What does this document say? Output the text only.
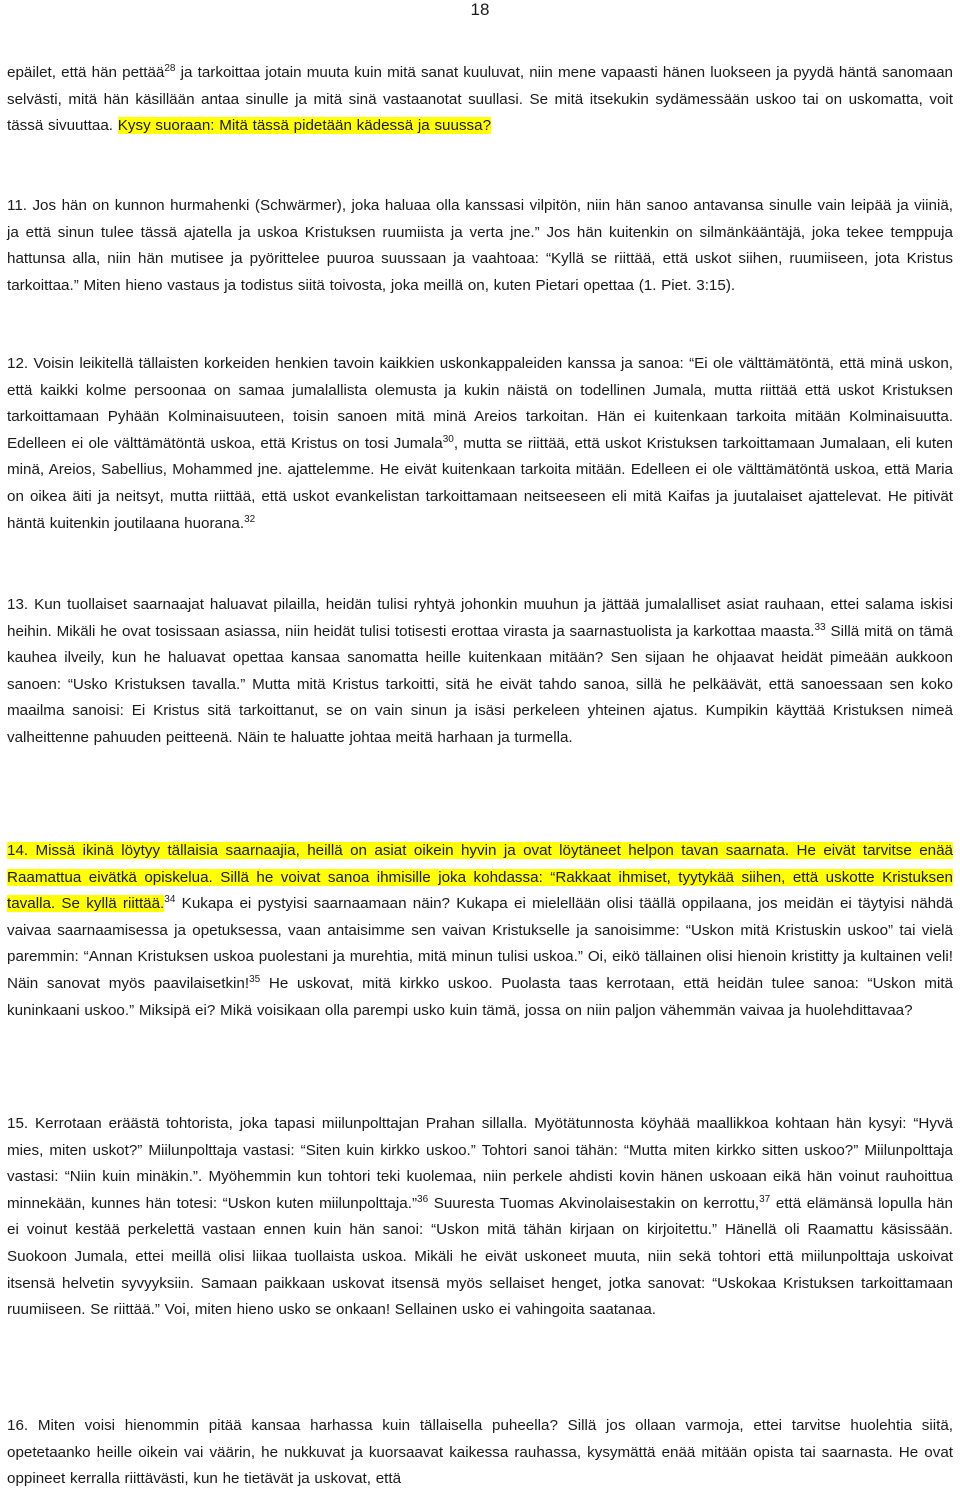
18

epäilet, että hän pettää$^{28}$ ja tarkoittaa jotain muuta kuin mitä sanat kuuluvat, niin mene vapaasti hänen luokseen ja pyydä häntä sanomaan selvästi, mitä hän käsillään antaa sinulle ja mitä sinä vastaanotat suullasi. Se mitä itsekukin sydämessään uskoo tai on uskomatta, voit tässä sivuuttaa. Kysy suoraan: Mitä tässä pidetään kädessä ja suussa?

11. Jos hän on kunnon hurmahenki (Schwärmer), joka haluaa olla kanssasi vilpitön, niin hän sanoo antavansa sinulle vain leipää ja viiniä, ja että sinun tulee tässä ajatella ja uskoa Kristuksen ruumiista ja verta jne.” Jos hän kuitenkin on silmänkääntäjä, joka tekee temppuja hattunsa alla, niin hän mutisee ja pyörittelee puuroa suussaan ja vaahtoaa: “Kyllä se riittää, että uskot siihen, ruumiiseen, jota Kristus tarkoittaa.” Miten hieno vastaus ja todistus siitä toivosta, joka meillä on, kuten Pietari opettaa (1. Piet. 3:15).

12. Voisin leikitellä tällaisten korkeiden henkien tavoin kaikkien uskonkappaleiden kanssa ja sanoa: “Ei ole välttämätöntä, että minä uskon, että kaikki kolme persoonaa on samaa jumalallista olemusta ja kukin näistä on todellinen Jumala, mutta riittää että uskot Kristuksen tarkoittamaan Pyhään Kolminaisuuteen, toisin sanoen mitä minä Areios tarkoitan. Hän ei kuitenkaan tarkoita mitään Kolminaisuutta. Edelleen ei ole välttämätöntä uskoa, että Kristus on tosi Jumala$^{30}$, mutta se riittää, että uskot Kristuksen tarkoittamaan Jumalaan, eli kuten minä, Areios, Sabellius, Mohammed jne. ajattelemme. He eivät kuitenkaan tarkoita mitään. Edelleen ei ole välttämätöntä uskoa, että Maria on oikea äiti ja neitsyt, mutta riittää, että uskot evankelistan tarkoittamaan neitseeseen eli mitä Kaifas ja juutalaiset ajattelevat. He pitivät häntä kuitenkin joutilaana huorana.$^{32}$

13. Kun tuollaiset saarnaajat haluavat pilailla, heidän tulisi ryhtyä johonkin muuhun ja jättää jumalalliset asiat rauhaan, ettei salama iskisi heihin. Mikäli he ovat tosissaan asiassa, niin heidät tulisi totisesti erottaa virasta ja saarnastuolista ja karkottaa maasta.$^{33}$ Sillä mitä on tämä kauhea ilveily, kun he haluavat opettaa kansaa sanomatta heille kuitenkaan mitään? Sen sijaan he ohjaavat heidät pimeään aukkoon sanoen: “Usko Kristuksen tavalla.” Mutta mitä Kristus tarkoitti, sitä he eivät tahdo sanoa, sillä he pelkäävät, että sanoessaan sen koko maailma sanoisi: Ei Kristus sitä tarkoittanut, se on vain sinun ja isäsi perkeleen yhteinen ajatus. Kumpikin käyttää Kristuksen nimeä valheittenne pahuuden peitteenä. Näin te haluatte johtaa meitä harhaan ja turmella.

14. Missä ikinä löytyy tällaisia saarnaajia, heillä on asiat oikein hyvin ja ovat löytäneet helpon tavan saarnata. He eivät tarvitse enää Raamattua eivätkä opiskelua. Sillä he voivat sanoa ihmisille joka kohdassa: “Rakkaat ihmiset, tyytykää siihen, että uskotte Kristuksen tavalla. Se kyllä riittää.$^{34}$ Kukapa ei pystyisi saarnaamaan näin? Kukapa ei mielellään olisi täällä oppilaana, jos meidän ei täytyisi nähdä vaivaa saarnaamisessa ja opetuksessa, vaan antaisimme sen vaivan Kristukselle ja sanoisimme: “Uskon mitä Kristuskin uskoo” tai vielä paremmin: “Annan Kristuksen uskoa puolestani ja murehtia, mitä minun tulisi uskoa.” Oi, eikö tällainen olisi hienoin kristitty ja kultainen veli! Näin sanovat myös paavilaisetkin!$^{35}$ He uskovat, mitä kirkko uskoo. Puolasta taas kerrotaan, että heidän tulee sanoa: “Uskon mitä kuninkaani uskoo.” Miksipä ei? Mikä voisikaan olla parempi usko kuin tämä, jossa on niin paljon vähemmän vaivaa ja huolehdittavaa?

15. Kerrotaan eräästä tohtorista, joka tapasi miilunpolttajan Prahan sillalla. Myötätunnosta köyhää maallikkoa kohtaan hän kysyi: “Hyvä mies, miten uskot?” Miilunpolttaja vastasi: “Siten kuin kirkko uskoo.” Tohtori sanoi tähän: “Mutta miten kirkko sitten uskoo?” Miilunpolttaja vastasi: “Niin kuin minäkin.”. Myöhemmin kun tohtori teki kuolemaa, niin perkele ahdisti kovin hänen uskoaan eikä hän voinut rauhoittua minnekään, kunnes hän totesi: “Uskon kuten miilunpolttaja.”$^{36}$ Suuresta Tuomas Akvinolaisestakin on kerrottu,$^{37}$ että elämänsä lopulla hän ei voinut kestää perkelettä vastaan ennen kuin hän sanoi: “Uskon mitä tähän kirjaan on kirjoitettu.” Hänellä oli Raamattu käsissään. Suokoon Jumala, ettei meillä olisi liikaa tuollaista uskoa. Mikäli he eivät uskoneet muuta, niin sekä tohtori että miilunpolttaja uskoivat itsensä helvetin syvyyksiin. Samaan paikkaan uskovat itsensä myös sellaiset henget, jotka sanovat: “Uskokaa Kristuksen tarkoittamaan ruumiiseen. Se riittää.” Voi, miten hieno usko se onkaan! Sellainen usko ei vahingoita saatanaa.

16. Miten voisi hienommin pitää kansaa harhassa kuin tällaisella puheella? Sillä jos ollaan varmoja, ettei tarvitse huolehtia siitä, opetetaanko heille oikein vai väärin, he nukkuvat ja kuorsaavat kaikessa rauhassa, kysymättä enää mitään opista tai saarnasta. He ovat oppineet kerralla riittävästi, kun he tietävät ja uskovat, että
